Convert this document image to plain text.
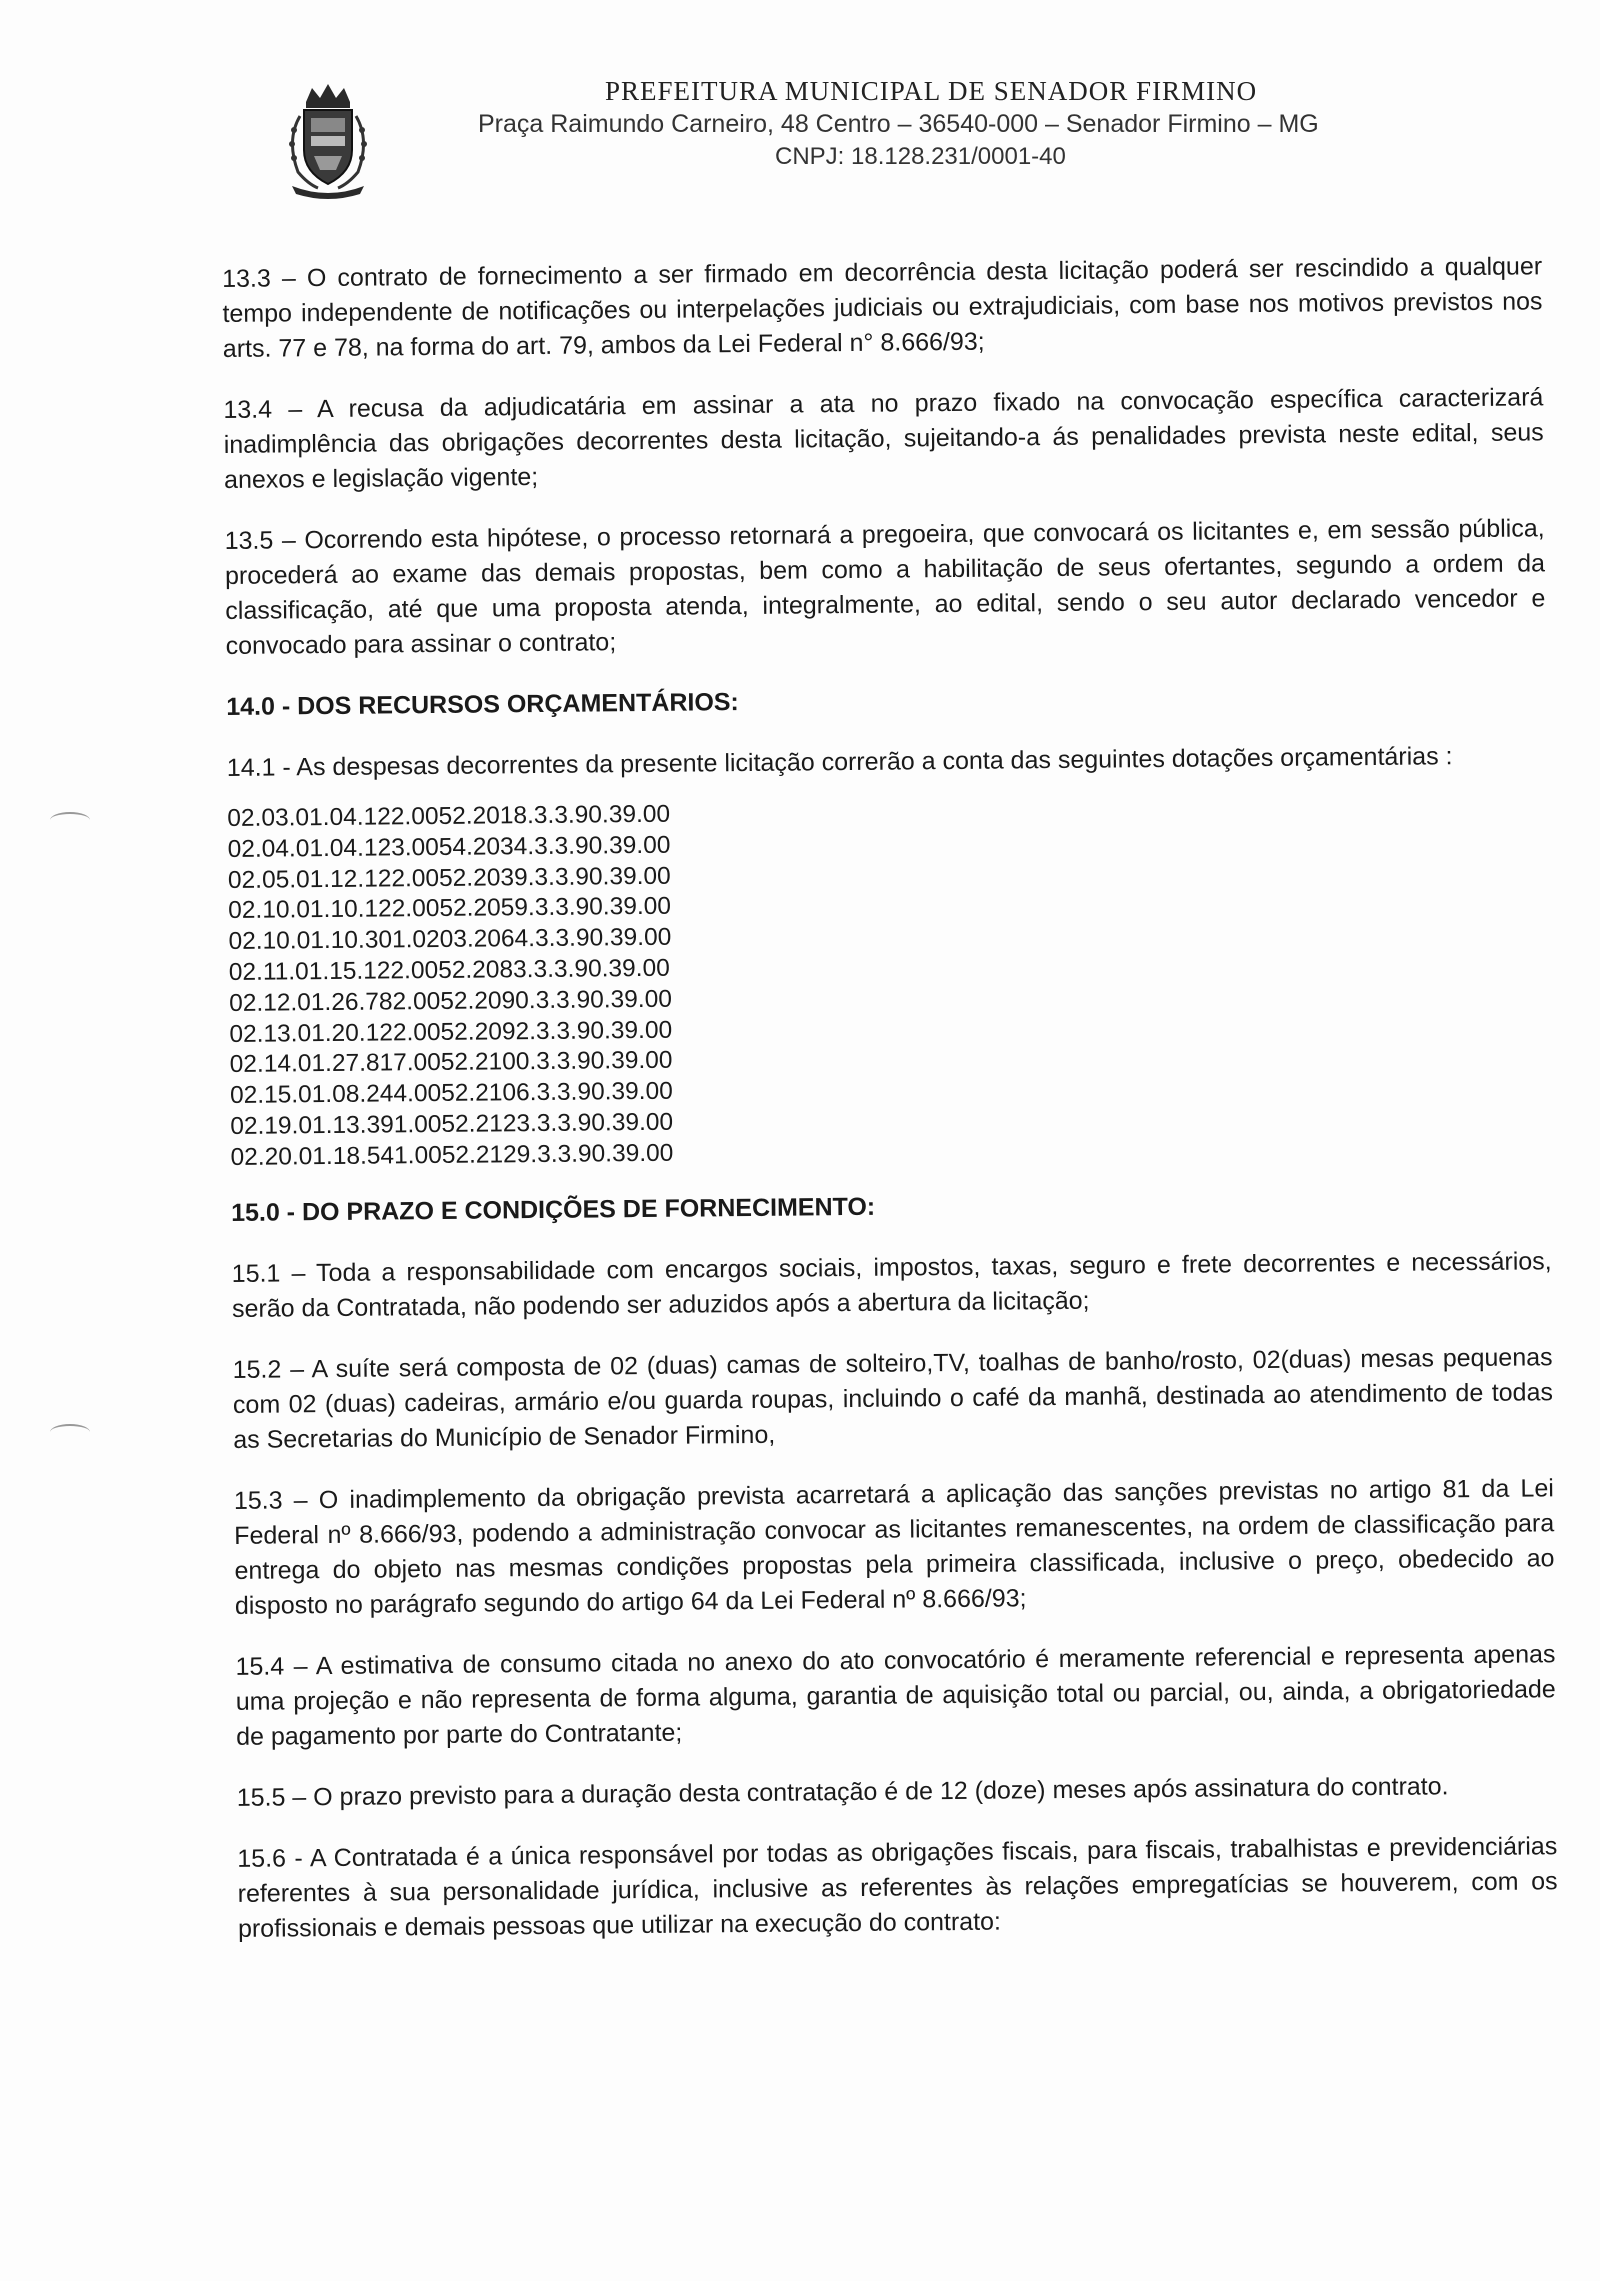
PREFEITURA MUNICIPAL DE SENADOR FIRMINO
Praça Raimundo Carneiro, 48 Centro – 36540-000 – Senador Firmino – MG
CNPJ: 18.128.231/0001-40

13.3 – O contrato de fornecimento a ser firmado em decorrência desta licitação poderá ser rescindido a qualquer tempo independente de notificações ou interpelações judiciais ou extrajudiciais, com base nos motivos previstos nos arts. 77 e 78, na forma do art. 79, ambos da Lei Federal n° 8.666/93;

13.4 – A recusa da adjudicatária em assinar a ata no prazo fixado na convocação específica caracterizará inadimplência das obrigações decorrentes desta licitação, sujeitando-a ás penalidades prevista neste edital, seus anexos e legislação vigente;

13.5 – Ocorrendo esta hipótese, o processo retornará a pregoeira, que convocará os licitantes e, em sessão pública, procederá ao exame das demais propostas, bem como a habilitação de seus ofertantes, segundo a ordem da classificação, até que uma proposta atenda, integralmente, ao edital, sendo o seu autor declarado vencedor e convocado para assinar o contrato;

14.0 - DOS RECURSOS ORÇAMENTÁRIOS:

14.1 - As despesas decorrentes da presente licitação correrão a conta das seguintes dotações orçamentárias :

02.03.01.04.122.0052.2018.3.3.90.39.00
02.04.01.04.123.0054.2034.3.3.90.39.00
02.05.01.12.122.0052.2039.3.3.90.39.00
02.10.01.10.122.0052.2059.3.3.90.39.00
02.10.01.10.301.0203.2064.3.3.90.39.00
02.11.01.15.122.0052.2083.3.3.90.39.00
02.12.01.26.782.0052.2090.3.3.90.39.00
02.13.01.20.122.0052.2092.3.3.90.39.00
02.14.01.27.817.0052.2100.3.3.90.39.00
02.15.01.08.244.0052.2106.3.3.90.39.00
02.19.01.13.391.0052.2123.3.3.90.39.00
02.20.01.18.541.0052.2129.3.3.90.39.00
15.0 - DO PRAZO E CONDIÇÕES DE FORNECIMENTO:

15.1 – Toda a responsabilidade com encargos sociais, impostos, taxas, seguro e frete decorrentes e necessários, serão da Contratada, não podendo ser aduzidos após a abertura da licitação;

15.2 – A suíte será composta de 02 (duas) camas de solteiro,TV, toalhas de banho/rosto, 02(duas) mesas pequenas com 02 (duas) cadeiras, armário e/ou guarda roupas, incluindo o café da manhã, destinada ao atendimento de todas as Secretarias do Município de Senador Firmino,

15.3 – O inadimplemento da obrigação prevista acarretará a aplicação das sanções previstas no artigo 81 da Lei Federal nº 8.666/93, podendo a administração convocar as licitantes remanescentes, na ordem de classificação para entrega do objeto nas mesmas condições propostas pela primeira classificada, inclusive o preço, obedecido ao disposto no parágrafo segundo do artigo 64 da Lei Federal nº 8.666/93;

15.4 – A estimativa de consumo citada no anexo do ato convocatório é meramente referencial e representa apenas uma projeção e não representa de forma alguma, garantia de aquisição total ou parcial, ou, ainda, a obrigatoriedade de pagamento por parte do Contratante;

15.5 – O prazo previsto para a duração desta contratação é de 12 (doze) meses após assinatura do contrato.

15.6 - A Contratada é a única responsável por todas as obrigações fiscais, para fiscais, trabalhistas e previdenciárias referentes à sua personalidade jurídica, inclusive as referentes às relações empregatícias se houverem, com os profissionais e demais pessoas que utilizar na execução do contrato:
